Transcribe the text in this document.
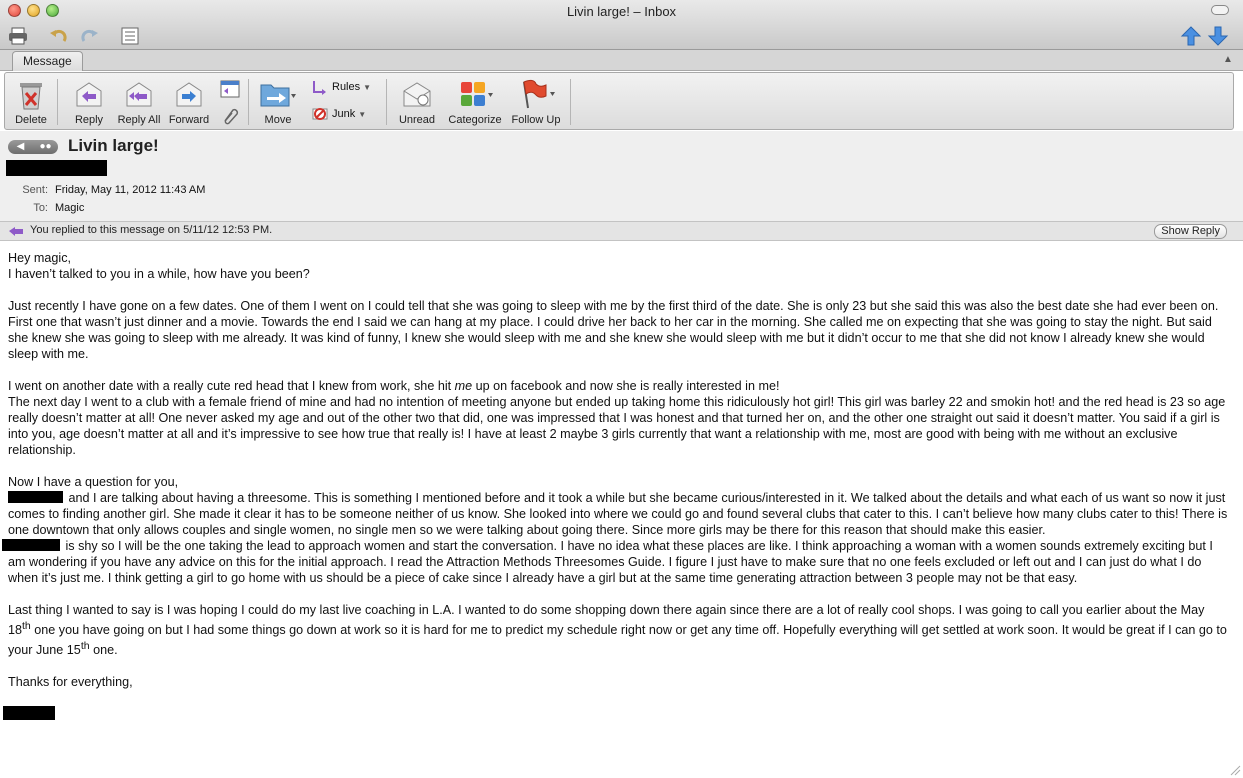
Livin large! – Inbox
Message	▲
Delete	Reply	Reply All Forward	Move
Rules ▼
Junk ▼	Unread	Categorize Follow Up
◀	●● Livin large!
Sent: Friday, May 11, 2012 11:43 AM
To: Magic
You replied to this message on 5/11/12 12:53 PM.	Show Reply

Hey magic,

I haven’t talked to you in a while, how have you been?

Just recently I have gone on a few dates. One of them I went on I could tell that she was going to sleep with me by the first third of the date. She is only 23 but she said this was also the best date she had ever been on. First one that wasn’t just dinner and a movie. Towards the end I said we can hang at my place. I could drive her back to her car in the morning. She called me on expecting that she was going to stay the night. But said she knew she was going to sleep with me already. It was kind of funny, I knew she would sleep with me and she knew she would sleep with me but it didn’t occur to me that she did not know I already knew she would sleep with me.

I went on another date with a really cute red head that I knew from work, she hit me up on facebook and now she is really interested in me!

The next day I went to a club with a female friend of mine and had no intention of meeting anyone but ended up taking home this ridiculously hot girl! This girl was barley 22 and smokin hot! and the red head is 23 so age really doesn’t matter at all! One never asked my age and out of the other two that did, one was impressed that I was honest and that turned her on, and the other one straight out said it doesn’t matter. You said if a girl is into you, age doesn’t matter at all and it’s impressive to see how true that really is! I have at least 2 maybe 3 girls currently that want a relationship with me, most are good with being with me without an exclusive relationship.

Now I have a question for you,

and I are talking about having a threesome. This is something I mentioned before and it took a while but she became curious/interested in it. We talked about the details and what each of us want so now it just comes to finding another girl. She made it clear it has to be someone neither of us know. She looked into where we could go and found several clubs that cater to this. I can’t believe how many clubs cater to this! There is one downtown that only allows couples and single women, no single men so we were talking about going there. Since more girls may be there for this reason that should make this easier.

is shy so I will be the one taking the lead to approach women and start the conversation. I have no idea what these places are like. I think approaching a woman with a women sounds extremely exciting but I am wondering if you have any advice on this for the initial approach. I read the Attraction Methods Threesomes Guide. I figure I just have to make sure that no one feels excluded or left out and I can just do what I do when it’s just me. I think getting a girl to go home with us should be a piece of cake since I already have a girl but at the same time generating attraction between 3 people may not be that easy.

Last thing I wanted to say is I was hoping I could do my last live coaching in L.A. I wanted to do some shopping down there again since there are a lot of really cool shops. I was going to call you earlier about the May 18th one you have going on but I had some things go down at work so it is hard for me to predict my schedule right now or get any time off. Hopefully everything will get settled at work soon. It would be great if I can go to your June 15th one.

Thanks for everything,
